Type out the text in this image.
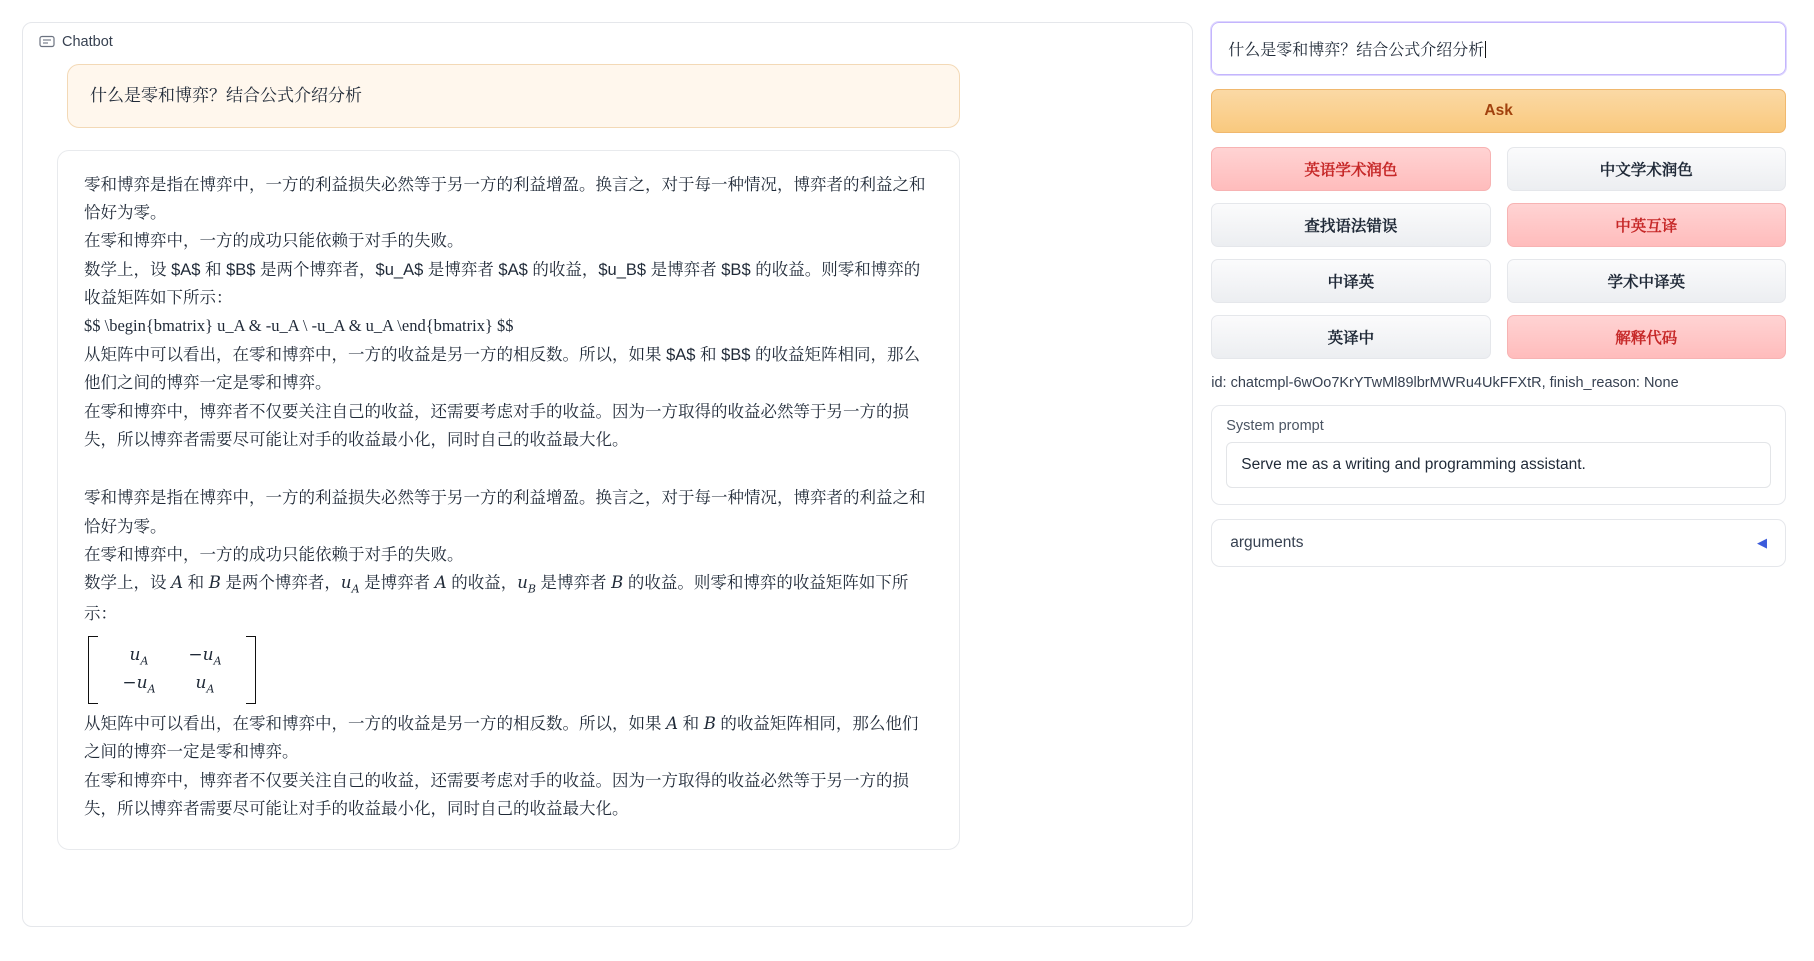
Chatbot
什么是零和博弈？结合公式介绍分析
零和博弈是指在博弈中，一方的利益损失必然等于另一方的利益增盈。换言之，对于每一种情况，博弈者的利益之和恰好为零。
在零和博弈中，一方的成功只能依赖于对手的失败。
数学上，设 $A$ 和 $B$ 是两个博弈者，$u_A$ 是博弈者 $A$ 的收益，$u_B$ 是博弈者 $B$ 的收益。则零和博弈的收益矩阵如下所示：
$$ \begin{bmatrix} u_A & -u_A \ -u_A & u_A \end{bmatrix} $$
从矩阵中可以看出，在零和博弈中，一方的收益是另一方的相反数。所以，如果 $A$ 和 $B$ 的收益矩阵相同，那么他们之间的博弈一定是零和博弈。
在零和博弈中，博弈者不仅要关注自己的收益，还需要考虑对手的收益。因为一方取得的收益必然等于另一方的损失，所以博弈者需要尽可能让对手的收益最小化，同时自己的收益最大化。
零和博弈是指在博弈中，一方的利益损失必然等于另一方的利益增盈。换言之，对于每一种情况，博弈者的利益之和恰好为零。
在零和博弈中，一方的成功只能依赖于对手的失败。
数学上，设 A 和 B 是两个博弈者，$u_A$ 是博弈者 A 的收益，$u_B$ 是博弈者 B 的收益。则零和博弈的收益矩阵如下所示：
$u_A -u_A$
$-u_A$ $u_A$
从矩阵中可以看出，在零和博弈中，一方的收益是另一方的相反数。所以，如果 A 和 B 的收益矩阵相同，那么他们之间的博弈一定是零和博弈。
在零和博弈中，博弈者不仅要关注自己的收益，还需要考虑对手的收益。因为一方取得的收益必然等于另一方的损失，所以博弈者需要尽可能让对手的收益最小化，同时自己的收益最大化。
什么是零和博弈？结合公式介绍分析
Ask
英语学术润色	中文学术润色
查找语法错误	中英互译
中译英	学术中译英
英译中	解释代码
id: chatcmpl-6wOo7KrYTwMl89lbrMWRu4UkFFXtR, finish_reason: None
System prompt
Serve me as a writing and programming assistant.
arguments	◀
